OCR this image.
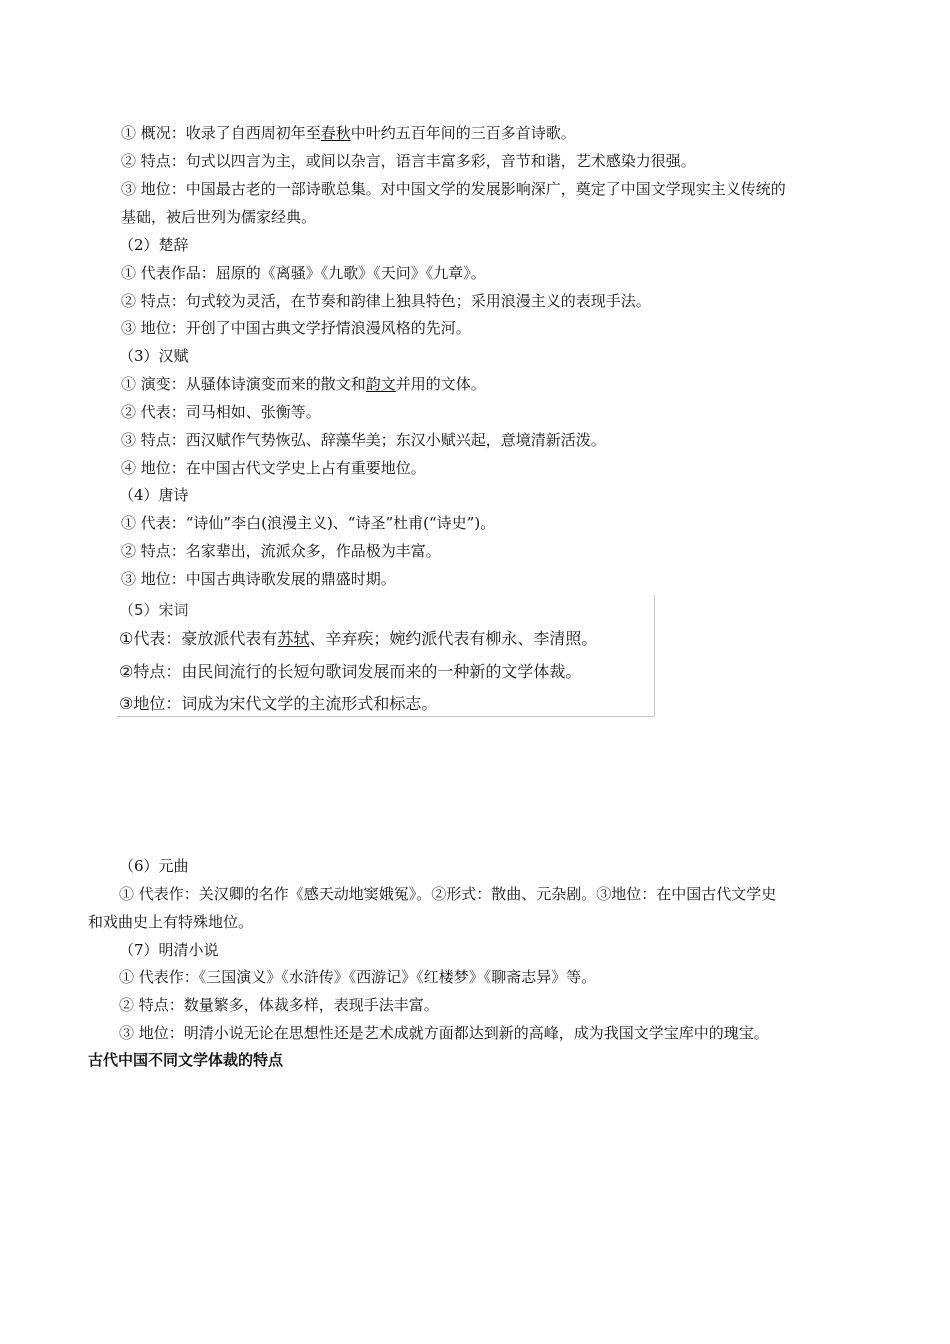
① 概况：收录了自西周初年至春秋中叶约五百年间的三百多首诗歌。
② 特点：句式以四言为主，或间以杂言，语言丰富多彩，音节和谐，艺术感染力很强。
③ 地位：中国最古老的一部诗歌总集。对中国文学的发展影响深广，奠定了中国文学现实主义传统的
基础，被后世列为儒家经典。
（2）楚辞
① 代表作品：屈原的《离骚》《九歌》《天问》《九章》。
② 特点：句式较为灵活，在节奏和韵律上独具特色；采用浪漫主义的表现手法。
③ 地位：开创了中国古典文学抒情浪漫风格的先河。
（3）汉赋
① 演变：从骚体诗演变而来的散文和韵文并用的文体。
② 代表：司马相如、张衡等。
③ 特点：西汉赋作气势恢弘、辞藻华美；东汉小赋兴起，意境清新活泼。
④ 地位：在中国古代文学史上占有重要地位。
（4）唐诗
① 代表：“诗仙”李白(浪漫主义)、“诗圣”杜甫(“诗史”)。
② 特点：名家辈出，流派众多，作品极为丰富。
③ 地位：中国古典诗歌发展的鼎盛时期。
（5）宋词
①代表：豪放派代表有苏轼、辛弃疾；婉约派代表有柳永、李清照。
②特点：由民间流行的长短句歌词发展而来的一种新的文学体裁。
③地位：词成为宋代文学的主流形式和标志。
（6）元曲
① 代表作：关汉卿的名作《感天动地窦娥冤》。②形式：散曲、元杂剧。③地位：在中国古代文学史
和戏曲史上有特殊地位。
（7）明清小说
① 代表作：《三国演义》《水浒传》《西游记》《红楼梦》《聊斋志异》等。
② 特点：数量繁多，体裁多样，表现手法丰富。
③ 地位：明清小说无论在思想性还是艺术成就方面都达到新的高峰，成为我国文学宝库中的瑰宝。
古代中国不同文学体裁的特点
